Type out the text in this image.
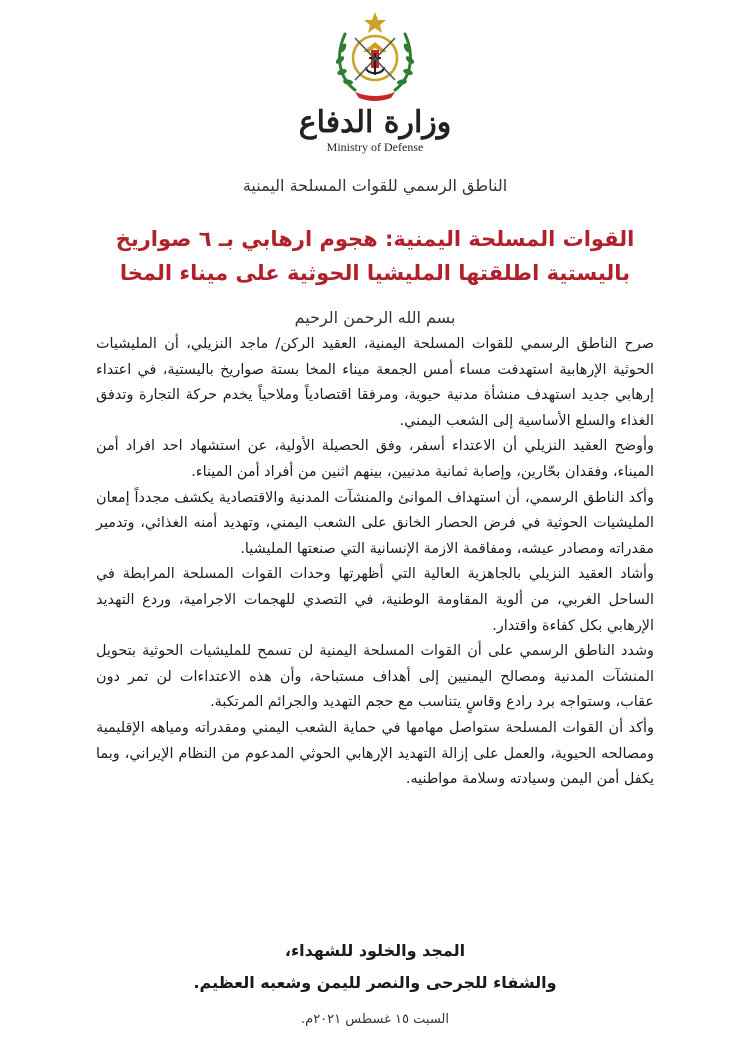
وزارة الدفاع
Ministry of Defense
الناطق الرسمي للقوات المسلحة اليمنية
القوات المسلحة اليمنية: هجوم ارهابي بـ ٦ صواريخ
باليستية اطلقتها المليشيا الحوثية على ميناء المخا
بسم الله الرحمن الرحيم

صرح الناطق الرسمي للقوات المسلحة اليمنية، العقيد الركن/ ماجد النزيلي، أن المليشيات الحوثية الإرهابية استهدفت مساء أمس الجمعة ميناء المخا بستة صواريخ باليستية، في اعتداء إرهابي جديد استهدف منشأة مدنية حيوية، ومرفقا اقتصادياً وملاحياً يخدم حركة التجارة وتدفق الغذاء والسلع الأساسية إلى الشعب اليمني.

وأوضح العقيد النزيلي أن الاعتداء أسفر، وفق الحصيلة الأولية، عن استشهاد احد افراد أمن الميناء، وفقدان بحّارين، وإصابة ثمانية مدنيين، بينهم اثنين من أفراد أمن الميناء.

وأكد الناطق الرسمي، أن استهداف الموانئ والمنشآت المدنية والاقتصادية يكشف مجدداً إمعان المليشيات الحوثية في فرض الحصار الخانق على الشعب اليمني، وتهديد أمنه الغذائي، وتدمير مقدراته ومصادر عيشه، ومفاقمة الازمة الإنسانية التي صنعتها المليشيا.

وأشاد العقيد النزيلي بالجاهزية العالية التي أظهرتها وحدات القوات المسلحة المرابطة في الساحل الغربي، من ألوية المقاومة الوطنية، في التصدي للهجمات الاجرامية، وردع التهديد الإرهابي بكل كفاءة واقتدار.

وشدد الناطق الرسمي على أن القوات المسلحة اليمنية لن تسمح للمليشيات الحوثية بتحويل المنشآت المدنية ومصالح اليمنيين إلى أهداف مستباحة، وأن هذه الاعتداءات لن تمر دون عقاب، وستواجه برد رادع وقاسٍ يتناسب مع حجم التهديد والجرائم المرتكبة.

وأكد أن القوات المسلحة ستواصل مهامها في حماية الشعب اليمني ومقدراته ومياهه الإقليمية ومصالحه الحيوية، والعمل على إزالة التهديد الإرهابي الحوثي المدعوم من النظام الإيراني، وبما يكفل أمن اليمن وسيادته وسلامة مواطنيه.

المجد والخلود للشهداء،
والشفاء للجرحى والنصر لليمن وشعبه العظيم.
السبت ١٥ غسطس ٢٠٢١م.
